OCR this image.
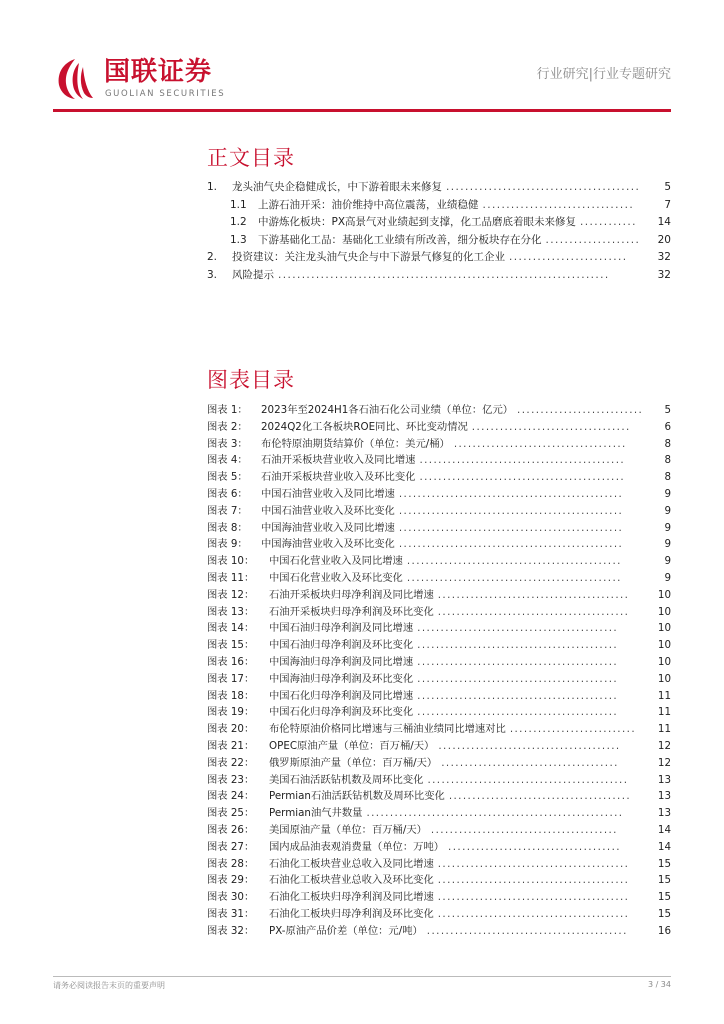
国联证券
GUOLIAN SECURITIES
行业研究|行业专题研究
正文目录
1. 龙头油气央企稳健成长，中下游着眼未来修复	5
.........................................
1.1 上游石油开采：油价维持中高位震荡，业绩稳健	7
................................
1.2 中游炼化板块：PX高景气对业绩起到支撑，化工品磨底着眼未来修复	14
............
1.3 下游基础化工品：基础化工业绩有所改善，细分板块存在分化	20
....................
2. 投资建议：关注龙头油气央企与中下游景气修复的化工企业	32
.........................
3. 风险提示	32
......................................................................
图表目录
图表 1： 2023年至2024H1各石油石化公司业绩（单位：亿元）	5
...........................
图表 2： 2024Q2化工各板块ROE同比、环比变动情况	6
..................................
图表 3： 布伦特原油期货结算价（单位：美元/桶）	8
.....................................
图表 4： 石油开采板块营业收入及同比增速	8
............................................
图表 5： 石油开采板块营业收入及环比变化	8
............................................
图表 6： 中国石油营业收入及同比增速	9
................................................
图表 7： 中国石油营业收入及环比变化	9
................................................
图表 8： 中国海油营业收入及同比增速	9
................................................
图表 9： 中国海油营业收入及环比变化	9
................................................
图表 10： 中国石化营业收入及同比增速	9
..............................................
图表 11： 中国石化营业收入及环比变化	9
..............................................
图表 12： 石油开采板块归母净利润及同比增速	10
.........................................
图表 13： 石油开采板块归母净利润及环比变化	10
.........................................
图表 14： 中国石油归母净利润及同比增速	10
...........................................
图表 15： 中国石油归母净利润及环比变化	10
...........................................
图表 16： 中国海油归母净利润及同比增速	10
...........................................
图表 17： 中国海油归母净利润及环比变化	10
...........................................
图表 18： 中国石化归母净利润及同比增速	11
...........................................
图表 19： 中国石化归母净利润及环比变化	11
...........................................
图表 20： 布伦特原油价格同比增速与三桶油业绩同比增速对比	11
...........................
图表 21： OPEC原油产量（单位：百万桶/天）	12
.......................................
图表 22： 俄罗斯原油产量（单位：百万桶/天）	12
......................................
图表 23： 美国石油活跃钻机数及周环比变化	13
...........................................
图表 24： Permian石油活跃钻机数及周环比变化	13
.......................................
图表 25： Permian油气井数量	13
.......................................................
图表 26： 美国原油产量（单位：百万桶/天）	14
........................................
图表 27： 国内成品油表观消费量（单位：万吨）	14
.....................................
图表 28： 石油化工板块营业总收入及同比增速	15
.........................................
图表 29： 石油化工板块营业总收入及环比变化	15
.........................................
图表 30： 石油化工板块归母净利润及同比增速	15
.........................................
图表 31： 石油化工板块归母净利润及环比变化	15
.........................................
图表 32： PX-原油产品价差（单位：元/吨）	16
...........................................
请务必阅读报告末页的重要声明	3 / 34
